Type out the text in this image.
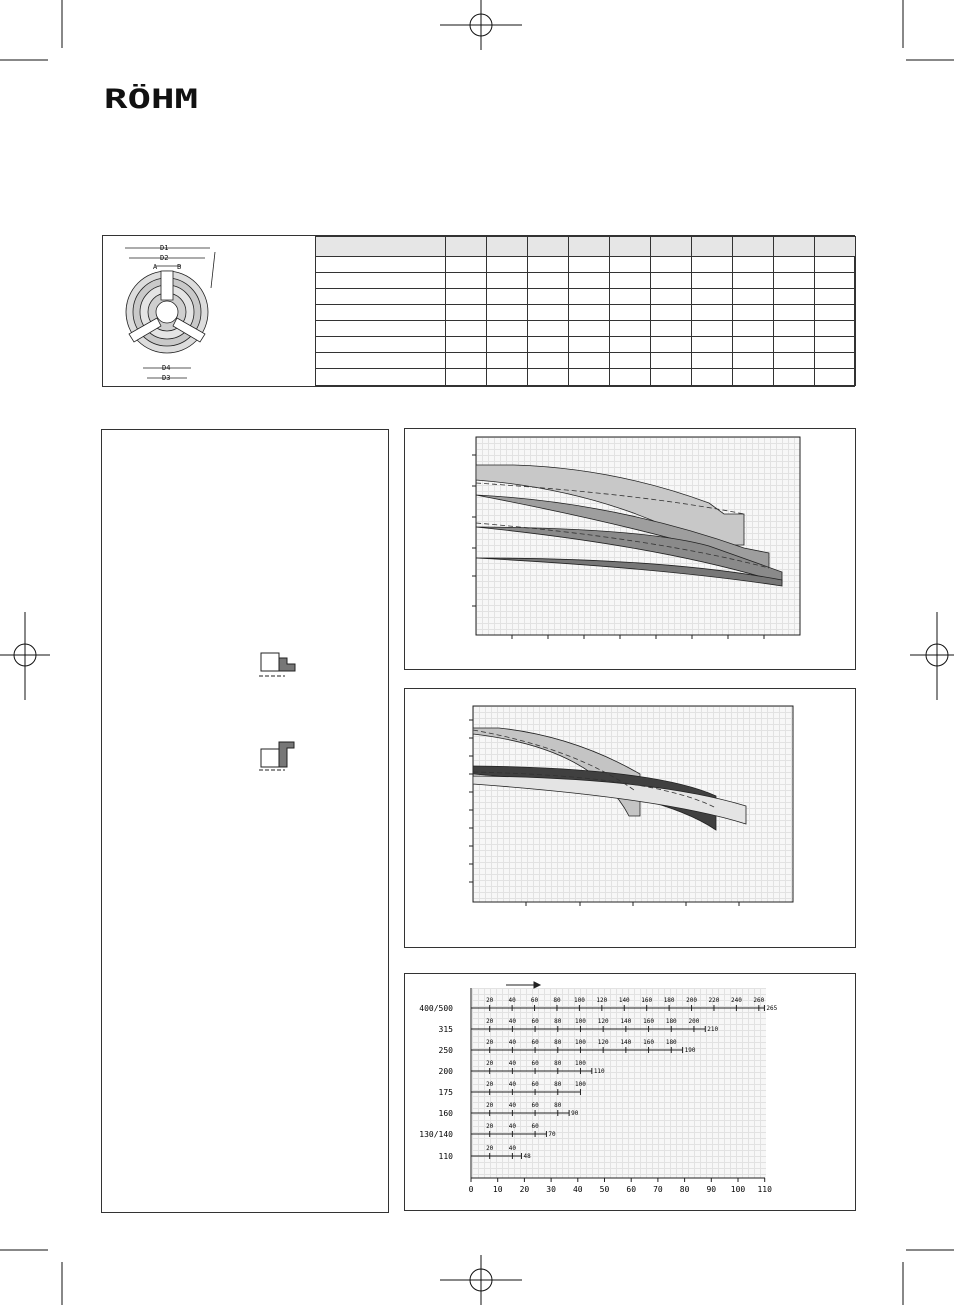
RÖHM
D1
D2
A	B
D4
D3

0 10 20 30 40 50 60 70 80 90 100 110
400/500
20	40	60	80 100 120 140 160 180 200 220 240 260
265
315
20	40	60	80 100 120 140 160 180 200
210
250
20	40	60	80 100 120 140 160 180
190
200
20	40	60	80 100
110
175
20	40	60	80 100
160
20	40	60	80
90
130/140
20	40	60
70
110
20	40
48
